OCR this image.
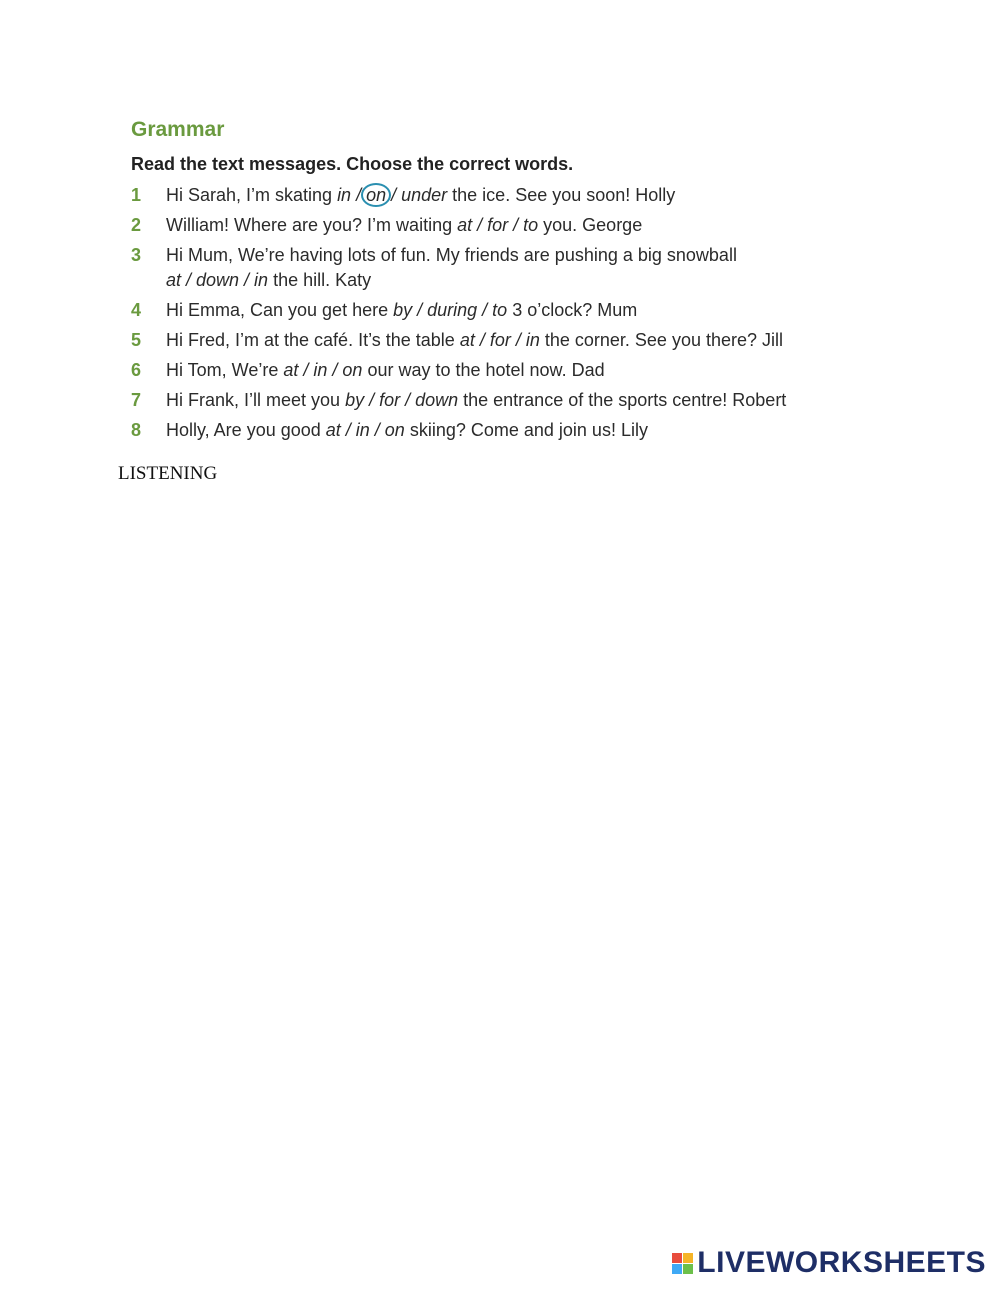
Grammar

Read the text messages. Choose the correct words.

1 Hi Sarah, I’m skating in / on / under the ice. See you soon! Holly
2 William! Where are you? I’m waiting at / for / to you. George
3 Hi Mum, We’re having lots of fun. My friends are pushing a big snowball
at / down / in the hill. Katy
4 Hi Emma, Can you get here by / during / to 3 o’clock? Mum
5 Hi Fred, I’m at the café. It’s the table at / for / in the corner. See you there? Jill
6 Hi Tom, We’re at / in / on our way to the hotel now. Dad
7 Hi Frank, I’ll meet you by / for / down the entrance of the sports centre! Robert
8 Holly, Are you good at / in / on skiing? Come and join us! Lily

LISTENING

LIVEWORKSHEETS
